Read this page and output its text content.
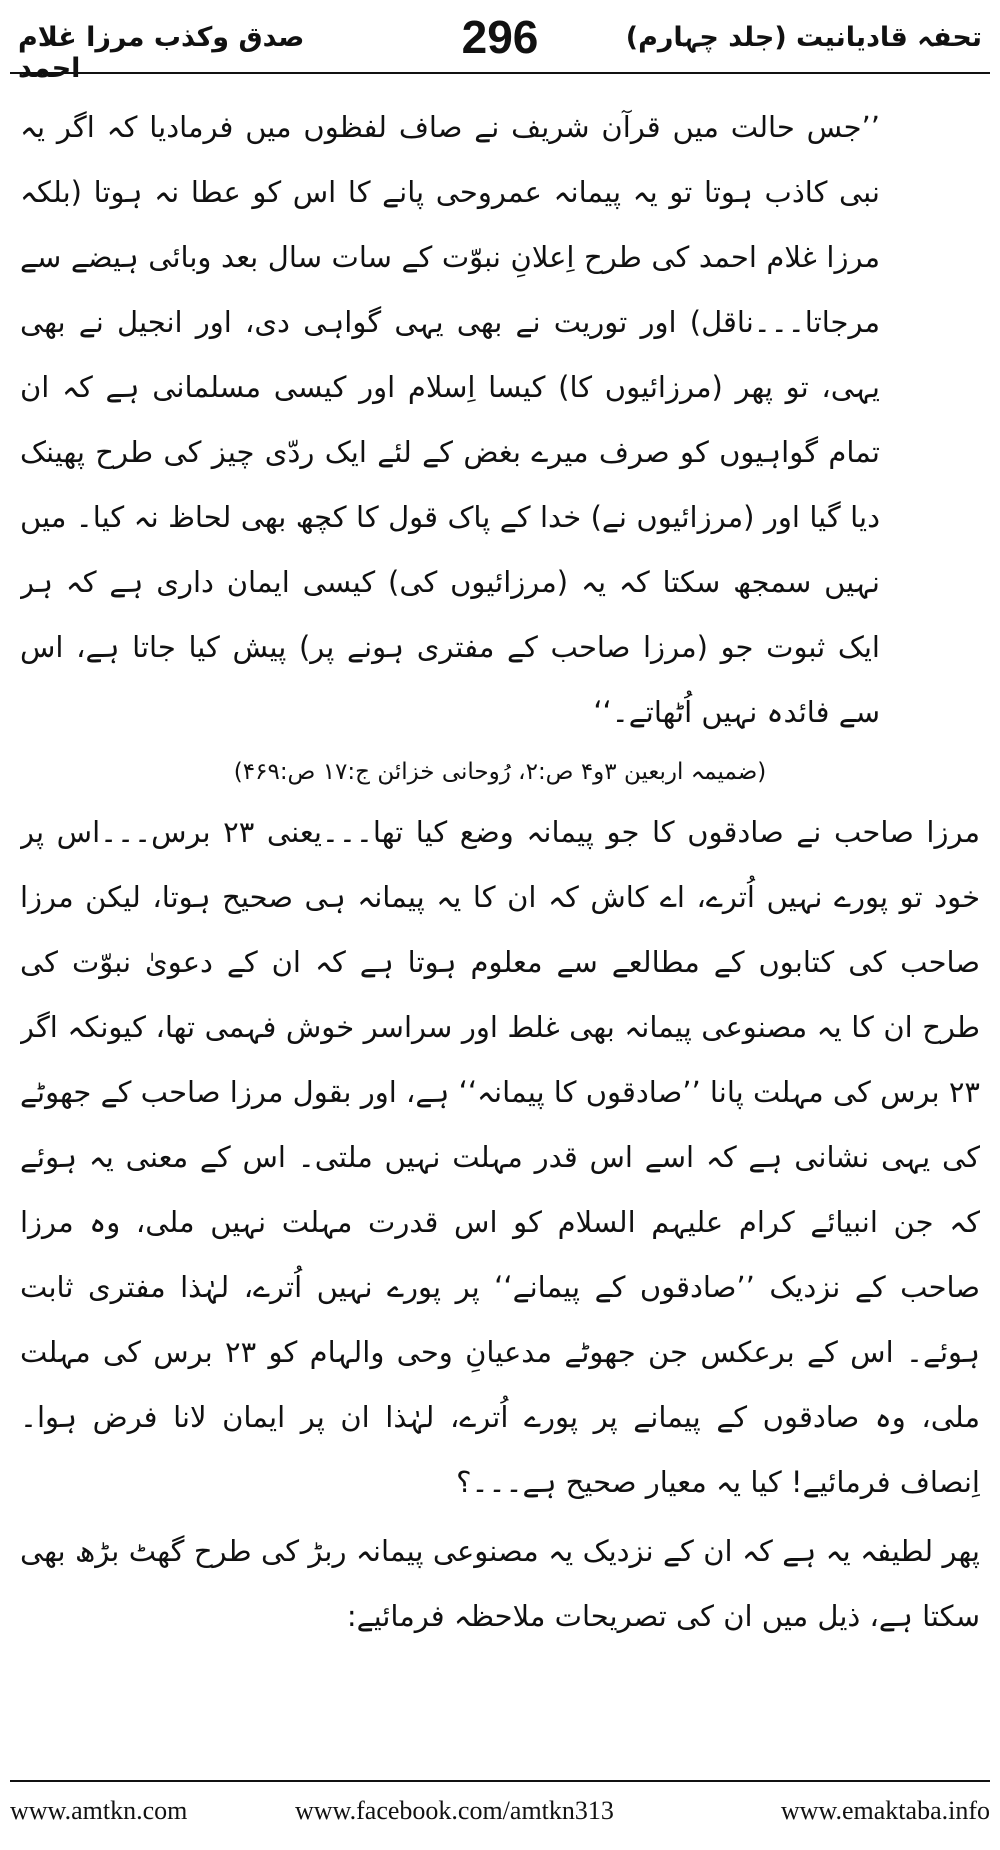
تحفہ قادیانیت (جلد چہارم)
296
صدق وکذب مرزا غلام احمد

’’جس حالت میں قرآن شریف نے صاف لفظوں میں فرمادیا کہ اگر یہ نبی کاذب ہوتا تو یہ پیمانہ عمروحی پانے کا اس کو عطا نہ ہوتا (بلکہ مرزا غلام احمد کی طرح اِعلانِ نبوّت کے سات سال بعد وبائی ہیضے سے مرجاتا۔۔۔ناقل) اور توریت نے بھی یہی گواہی دی، اور انجیل نے بھی یہی، تو پھر (مرزائیوں کا) کیسا اِسلام اور کیسی مسلمانی ہے کہ ان تمام گواہیوں کو صرف میرے بغض کے لئے ایک ردّی چیز کی طرح پھینک دیا گیا اور (مرزائیوں نے) خدا کے پاک قول کا کچھ بھی لحاظ نہ کیا۔ میں نہیں سمجھ سکتا کہ یہ (مرزائیوں کی) کیسی ایمان داری ہے کہ ہر ایک ثبوت جو (مرزا صاحب کے مفتری ہونے پر) پیش کیا جاتا ہے، اس سے فائدہ نہیں اُٹھاتے۔‘‘

(ضمیمہ اربعین ۳و۴ ص:۲، رُوحانی خزائن ج:۱۷ ص:۴۶۹)

مرزا صاحب نے صادقوں کا جو پیمانہ وضع کیا تھا۔۔۔یعنی ۲۳ برس۔۔۔اس پر خود تو پورے نہیں اُترے، اے کاش کہ ان کا یہ پیمانہ ہی صحیح ہوتا، لیکن مرزا صاحب کی کتابوں کے مطالعے سے معلوم ہوتا ہے کہ ان کے دعویٰ نبوّت کی طرح ان کا یہ مصنوعی پیمانہ بھی غلط اور سراسر خوش فہمی تھا، کیونکہ اگر ۲۳ برس کی مہلت پانا ’’صادقوں کا پیمانہ‘‘ ہے، اور بقول مرزا صاحب کے جھوٹے کی یہی نشانی ہے کہ اسے اس قدر مہلت نہیں ملتی۔ اس کے معنی یہ ہوئے کہ جن انبیائے کرام علیہم السلام کو اس قدرت مہلت نہیں ملی، وہ مرزا صاحب کے نزدیک ’’صادقوں کے پیمانے‘‘ پر پورے نہیں اُترے، لہٰذا مفتری ثابت ہوئے۔ اس کے برعکس جن جھوٹے مدعیانِ وحی والہام کو ۲۳ برس کی مہلت ملی، وہ صادقوں کے پیمانے پر پورے اُترے، لہٰذا ان پر ایمان لانا فرض ہوا۔ اِنصاف فرمائیے! کیا یہ معیار صحیح ہے۔۔۔؟

پھر لطیفہ یہ ہے کہ ان کے نزدیک یہ مصنوعی پیمانہ ربڑ کی طرح گھٹ بڑھ بھی سکتا ہے، ذیل میں ان کی تصریحات ملاحظہ فرمائیے:

www.amtkn.com	www.facebook.com/amtkn313	www.emaktaba.info
